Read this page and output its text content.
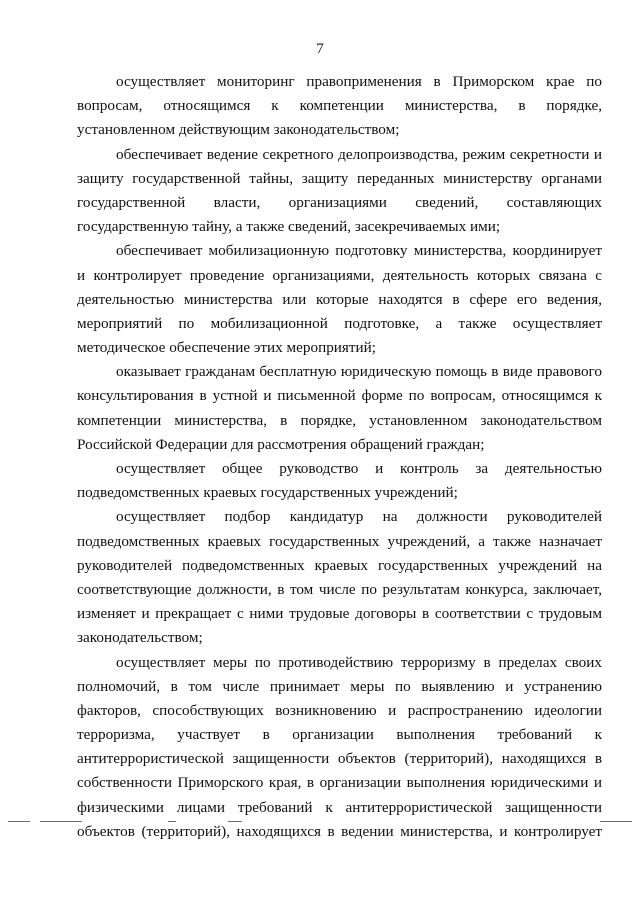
7
осуществляет мониторинг правоприменения в Приморском крае по
вопросам, относящимся к компетенции министерства, в порядке,
установленном действующим законодательством;
обеспечивает ведение секретного делопроизводства, режим секретности и
защиту государственной тайны, защиту переданных министерству органами
государственной власти, организациями сведений, составляющих
государственную тайну, а также сведений, засекречиваемых ими;
обеспечивает мобилизационную подготовку министерства, координирует
и контролирует проведение организациями, деятельность которых связана с
деятельностью министерства или которые находятся в сфере его ведения,
мероприятий по мобилизационной подготовке, а также осуществляет
методическое обеспечение этих мероприятий;
оказывает гражданам бесплатную юридическую помощь в виде правового
консультирования в устной и письменной форме по вопросам, относящимся к
компетенции министерства, в порядке, установленном законодательством
Российской Федерации для рассмотрения обращений граждан;
осуществляет общее руководство и контроль за деятельностью
подведомственных краевых государственных учреждений;
осуществляет подбор кандидатур на должности руководителей
подведомственных краевых государственных учреждений, а также назначает
руководителей подведомственных краевых государственных учреждений на
соответствующие должности, в том числе по результатам конкурса, заключает,
изменяет и прекращает с ними трудовые договоры в соответствии с трудовым
законодательством;
осуществляет меры по противодействию терроризму в пределах своих
полномочий, в том числе принимает меры по выявлению и устранению
факторов, способствующих возникновению и распространению идеологии
терроризма, участвует в организации выполнения требований к
антитеррористической защищенности объектов (территорий), находящихся в
собственности Приморского края, в организации выполнения юридическими и
физическими лицами требований к антитеррористической защищенности
объектов (территорий), находящихся в ведении министерства, и контролирует
